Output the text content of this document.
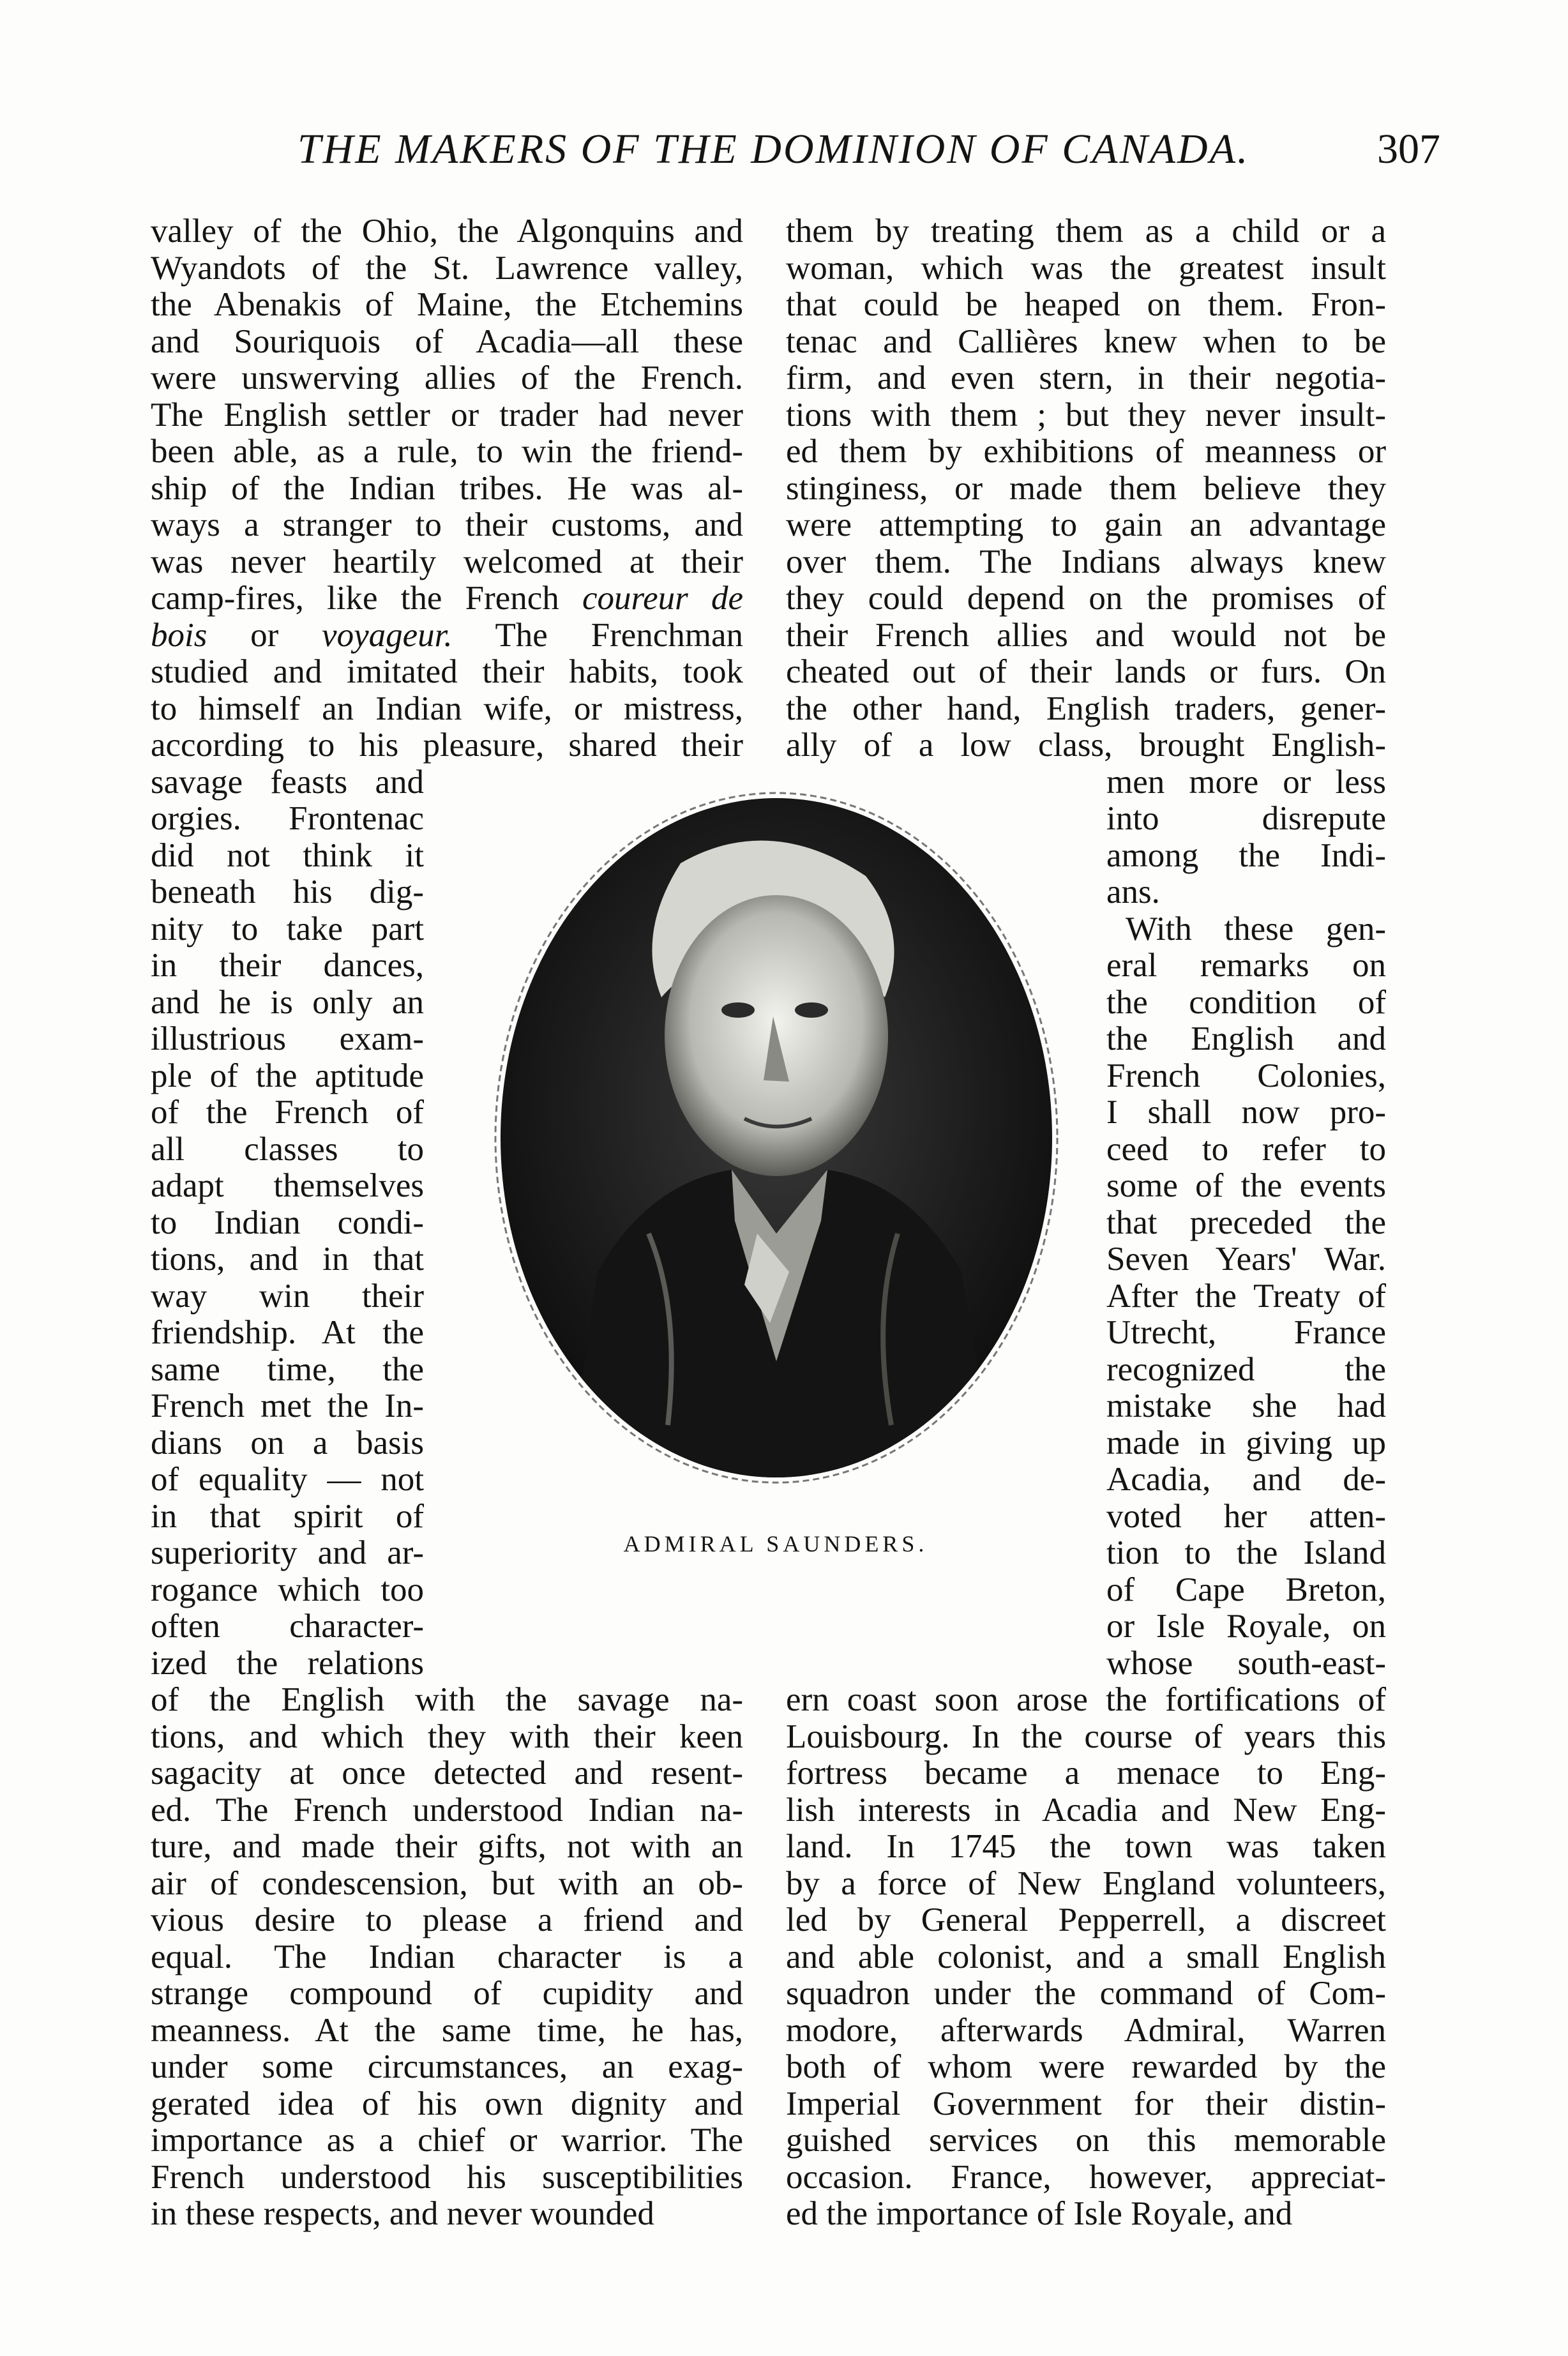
THE MAKERS OF THE DOMINION OF CANADA.	307
valley of the Ohio, the Algonquins and
Wyandots of the St. Lawrence valley,
the Abenakis of Maine, the Etchemins
and Souriquois of Acadia—all these
were unswerving allies of the French.
The English settler or trader had never
been able, as a rule, to win the friend-
ship of the Indian tribes. He was al-
ways a stranger to their customs, and
was never heartily welcomed at their
camp-fires, like the French coureur de
bois or voyageur. The Frenchman
studied and imitated their habits, took
to himself an Indian wife, or mistress,
according to his pleasure, shared their
savage feasts and
orgies. Frontenac
did not think it
beneath his dig-
nity to take part
in their dances,
and he is only an
illustrious exam-
ple of the aptitude
of the French of
all classes to
adapt themselves
to Indian condi-
tions, and in that
way win their
friendship. At the
same time, the
French met the In-
dians on a basis
of equality — not
in that spirit of
superiority and ar-
rogance which too
often character-
ized the relations
of the English with the savage na-
tions, and which they with their keen
sagacity at once detected and resent-
ed. The French understood Indian na-
ture, and made their gifts, not with an
air of condescension, but with an ob-
vious desire to please a friend and
equal. The Indian character is a
strange compound of cupidity and
meanness. At the same time, he has,
under some circumstances, an exag-
gerated idea of his own dignity and
importance as a chief or warrior. The
French understood his susceptibilities
in these respects, and never wounded
them by treating them as a child or a
woman, which was the greatest insult
that could be heaped on them. Fron-
tenac and Callières knew when to be
firm, and even stern, in their negotia-
tions with them ; but they never insult-
ed them by exhibitions of meanness or
stinginess, or made them believe they
were attempting to gain an advantage
over them. The Indians always knew
they could depend on the promises of
their French allies and would not be
cheated out of their lands or furs. On
the other hand, English traders, gener-
ally of a low class, brought English-
men more or less
into disrepute
among the Indi-
ans.
With these gen-
eral remarks on
the condition of
the English and
French Colonies,
I shall now pro-
ceed to refer to
some of the events
that preceded the
Seven Years' War.
After the Treaty of
Utrecht, France
recognized the
mistake she had
made in giving up
Acadia, and de-
voted her atten-
tion to the Island
of Cape Breton,
or Isle Royale, on
whose south-east-
ern coast soon arose the fortifications of
Louisbourg. In the course of years this
fortress became a menace to Eng-
lish interests in Acadia and New Eng-
land. In 1745 the town was taken
by a force of New England volunteers,
led by General Pepperrell, a discreet
and able colonist, and a small English
squadron under the command of Com-
modore, afterwards Admiral, Warren
both of whom were rewarded by the
Imperial Government for their distin-
guished services on this memorable
occasion. France, however, appreciat-
ed the importance of Isle Royale, and
ADMIRAL SAUNDERS.
